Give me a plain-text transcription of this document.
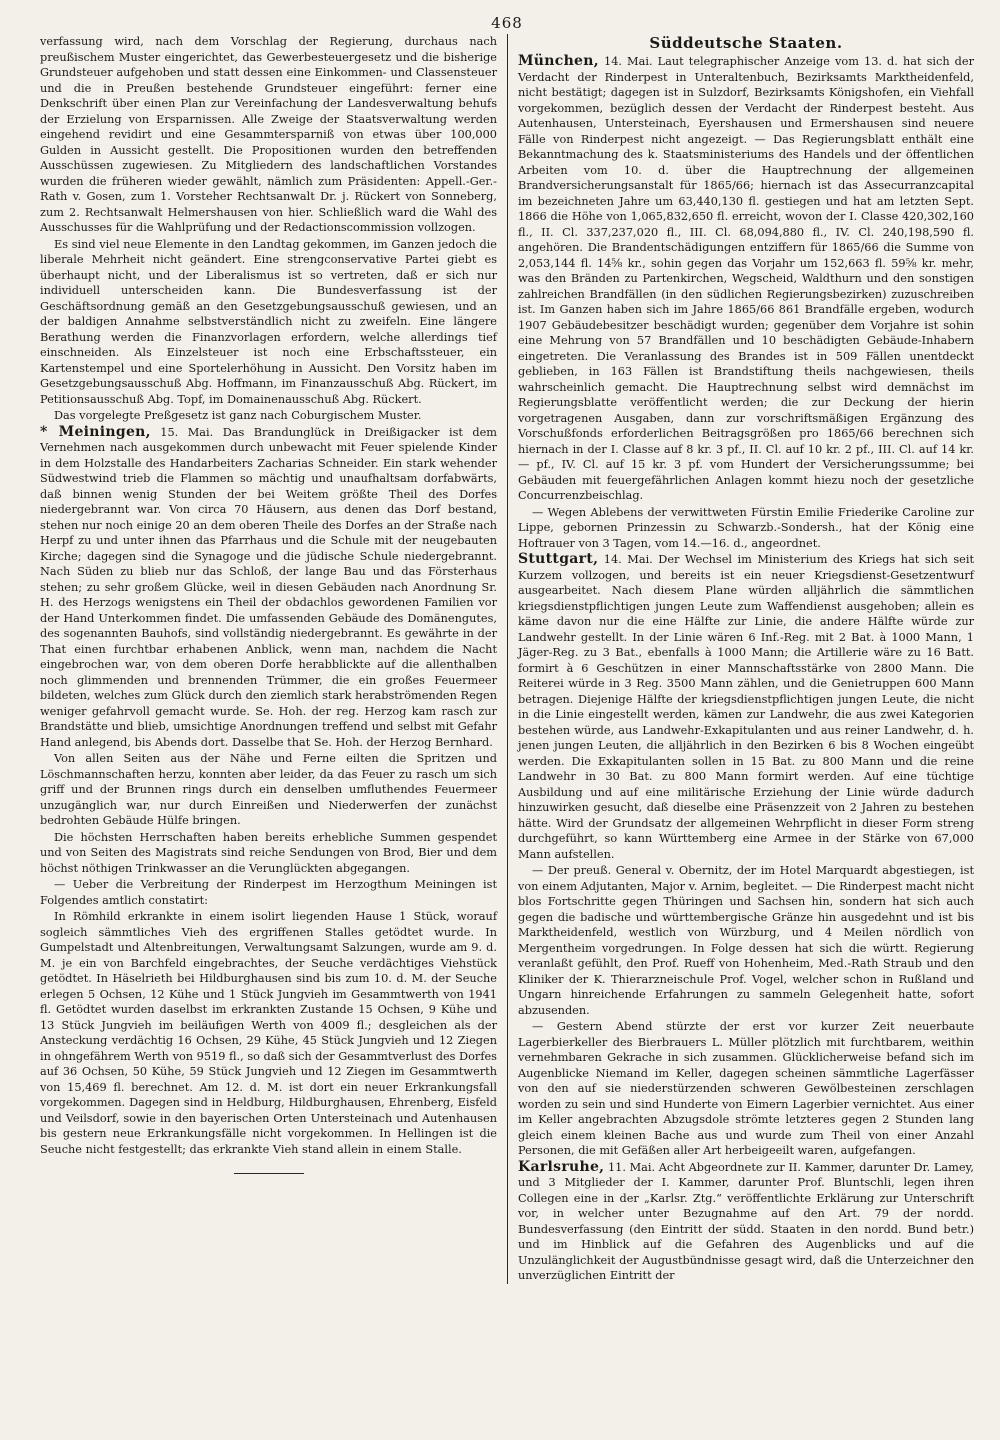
468

verfassung wird, nach dem Vorschlag der Regierung, durchaus nach preußischem Muster eingerichtet, das Gewerbesteuergesetz und die bisherige Grundsteuer aufgehoben und statt dessen eine Einkommen- und Classensteuer und die in Preußen bestehende Grundsteuer eingeführt: ferner eine Denkschrift über einen Plan zur Vereinfachung der Landesverwaltung behufs der Erzielung von Ersparnissen. Alle Zweige der Staatsverwaltung werden eingehend revidirt und eine Gesammtersparniß von etwas über 100,000 Gulden in Aussicht gestellt. Die Propositionen wurden den betreffenden Ausschüssen zugewiesen. Zu Mitgliedern des landschaftlichen Vorstandes wurden die früheren wieder gewählt, nämlich zum Präsidenten: Appell.-Ger.-Rath v. Gosen, zum 1. Vorsteher Rechtsanwalt Dr. j. Rückert von Sonneberg, zum 2. Rechtsanwalt Helmershausen von hier. Schließlich ward die Wahl des Ausschusses für die Wahlprüfung und der Redactionscommission vollzogen.

Es sind viel neue Elemente in den Landtag gekommen, im Ganzen jedoch die liberale Mehrheit nicht geändert. Eine strengconservative Partei giebt es überhaupt nicht, und der Liberalismus ist so vertreten, daß er sich nur individuell unterscheiden kann. Die Bundesverfassung ist der Geschäftsordnung gemäß an den Gesetzgebungsausschuß gewiesen, und an der baldigen Annahme selbstverständlich nicht zu zweifeln. Eine längere Berathung werden die Finanzvorlagen erfordern, welche allerdings tief einschneiden. Als Einzelsteuer ist noch eine Erbschaftssteuer, ein Kartenstempel und eine Sportelerhöhung in Aussicht. Den Vorsitz haben im Gesetzgebungsausschuß Abg. Hoffmann, im Finanzausschuß Abg. Rückert, im Petitionsausschuß Abg. Topf, im Domainenausschuß Abg. Rückert.

Das vorgelegte Preßgesetz ist ganz nach Coburgischem Muster.

* Meiningen, 15. Mai. Das Brandunglück in Dreißigacker ist dem Vernehmen nach ausgekommen durch unbewacht mit Feuer spielende Kinder in dem Holzstalle des Handarbeiters Zacharias Schneider. Ein stark wehender Südwestwind trieb die Flammen so mächtig und unaufhaltsam dorfabwärts, daß binnen wenig Stunden der bei Weitem größte Theil des Dorfes niedergebrannt war. Von circa 70 Häusern, aus denen das Dorf bestand, stehen nur noch einige 20 an dem oberen Theile des Dorfes an der Straße nach Herpf zu und unter ihnen das Pfarrhaus und die Schule mit der neugebauten Kirche; dagegen sind die Synagoge und die jüdische Schule niedergebrannt. Nach Süden zu blieb nur das Schloß, der lange Bau und das Försterhaus stehen; zu sehr großem Glücke, weil in diesen Gebäuden nach Anordnung Sr. H. des Herzogs wenigstens ein Theil der obdachlos gewordenen Familien vor der Hand Unterkommen findet. Die umfassenden Gebäude des Domänengutes, des sogenannten Bauhofs, sind vollständig niedergebrannt. Es gewährte in der That einen furchtbar erhabenen Anblick, wenn man, nachdem die Nacht eingebrochen war, von dem oberen Dorfe herabblickte auf die allenthalben noch glimmenden und brennenden Trümmer, die ein großes Feuermeer bildeten, welches zum Glück durch den ziemlich stark herabströmenden Regen weniger gefahrvoll gemacht wurde. Se. Hoh. der reg. Herzog kam rasch zur Brandstätte und blieb, umsichtige Anordnungen treffend und selbst mit Gefahr Hand anlegend, bis Abends dort. Dasselbe that Se. Hoh. der Herzog Bernhard.

Von allen Seiten aus der Nähe und Ferne eilten die Spritzen und Löschmannschaften herzu, konnten aber leider, da das Feuer zu rasch um sich griff und der Brunnen rings durch ein denselben umfluthendes Feuermeer unzugänglich war, nur durch Einreißen und Niederwerfen der zunächst bedrohten Gebäude Hülfe bringen.

Die höchsten Herrschaften haben bereits erhebliche Summen gespendet und von Seiten des Magistrats sind reiche Sendungen von Brod, Bier und dem höchst nöthigen Trinkwasser an die Verunglückten abgegangen.

— Ueber die Verbreitung der Rinderpest im Herzogthum Meiningen ist Folgendes amtlich constatirt:

In Römhild erkrankte in einem isolirt liegenden Hause 1 Stück, worauf sogleich sämmtliches Vieh des ergriffenen Stalles getödtet wurde. In Gumpelstadt und Altenbreitungen, Verwaltungsamt Salzungen, wurde am 9. d. M. je ein von Barchfeld eingebrachtes, der Seuche verdächtiges Viehstück getödtet. In Häselrieth bei Hildburghausen sind bis zum 10. d. M. der Seuche erlegen 5 Ochsen, 12 Kühe und 1 Stück Jungvieh im Gesammtwerth von 1941 fl. Getödtet wurden daselbst im erkrankten Zustande 15 Ochsen, 9 Kühe und 13 Stück Jungvieh im beiläufigen Werth von 4009 fl.; desgleichen als der Ansteckung verdächtig 16 Ochsen, 29 Kühe, 45 Stück Jungvieh und 12 Ziegen in ohngefährem Werth von 9519 fl., so daß sich der Gesammtverlust des Dorfes auf 36 Ochsen, 50 Kühe, 59 Stück Jungvieh und 12 Ziegen im Gesammtwerth von 15,469 fl. berechnet. Am 12. d. M. ist dort ein neuer Erkrankungsfall vorgekommen. Dagegen sind in Heldburg, Hildburghausen, Ehrenberg, Eisfeld und Veilsdorf, sowie in den bayerischen Orten Untersteinach und Autenhausen bis gestern neue Erkrankungsfälle nicht vorgekommen. In Hellingen ist die Seuche nicht festgestellt; das erkrankte Vieh stand allein in einem Stalle.

Süddeutsche Staaten.

München, 14. Mai. Laut telegraphischer Anzeige vom 13. d. hat sich der Verdacht der Rinderpest in Unteraltenbuch, Bezirksamts Marktheidenfeld, nicht bestätigt; dagegen ist in Sulzdorf, Bezirksamts Königshofen, ein Viehfall vorgekommen, bezüglich dessen der Verdacht der Rinderpest besteht. Aus Autenhausen, Untersteinach, Eyershausen und Ermershausen sind neuere Fälle von Rinderpest nicht angezeigt. — Das Regierungsblatt enthält eine Bekanntmachung des k. Staatsministeriums des Handels und der öffentlichen Arbeiten vom 10. d. über die Hauptrechnung der allgemeinen Brandversicherungsanstalt für 1865/66; hiernach ist das Assecurranzcapital im bezeichneten Jahre um 63,440,130 fl. gestiegen und hat am letzten Sept. 1866 die Höhe von 1,065,832,650 fl. erreicht, wovon der I. Classe 420,302,160 fl., II. Cl. 337,237,020 fl., III. Cl. 68,094,880 fl., IV. Cl. 240,198,590 fl. angehören. Die Brandentschädigungen entziffern für 1865/66 die Summe von 2,053,144 fl. 14⅝ kr., sohin gegen das Vorjahr um 152,663 fl. 59⅝ kr. mehr, was den Bränden zu Partenkirchen, Wegscheid, Waldthurn und den sonstigen zahlreichen Brandfällen (in den südlichen Regierungsbezirken) zuzuschreiben ist. Im Ganzen haben sich im Jahre 1865/66 861 Brandfälle ergeben, wodurch 1907 Gebäudebesitzer beschädigt wurden; gegenüber dem Vorjahre ist sohin eine Mehrung von 57 Brandfällen und 10 beschädigten Gebäude-Inhabern eingetreten. Die Veranlassung des Brandes ist in 509 Fällen unentdeckt geblieben, in 163 Fällen ist Brandstiftung theils nachgewiesen, theils wahrscheinlich gemacht. Die Hauptrechnung selbst wird demnächst im Regierungsblatte veröffentlicht werden; die zur Deckung der hierin vorgetragenen Ausgaben, dann zur vorschriftsmäßigen Ergänzung des Vorschußfonds erforderlichen Beitragsgrößen pro 1865/66 berechnen sich hiernach in der I. Classe auf 8 kr. 3 pf., II. Cl. auf 10 kr. 2 pf., III. Cl. auf 14 kr. — pf., IV. Cl. auf 15 kr. 3 pf. vom Hundert der Versicherungssumme; bei Gebäuden mit feuergefährlichen Anlagen kommt hiezu noch der gesetzliche Concurrenzbeischlag.

— Wegen Ablebens der verwittweten Fürstin Emilie Friederike Caroline zur Lippe, gebornen Prinzessin zu Schwarzb.-Sondersh., hat der König eine Hoftrauer von 3 Tagen, vom 14.—16. d., angeordnet.

Stuttgart, 14. Mai. Der Wechsel im Ministerium des Kriegs hat sich seit Kurzem vollzogen, und bereits ist ein neuer Kriegsdienst-Gesetzentwurf ausgearbeitet. Nach diesem Plane würden alljährlich die sämmtlichen kriegsdienstpflichtigen jungen Leute zum Waffendienst ausgehoben; allein es käme davon nur die eine Hälfte zur Linie, die andere Hälfte würde zur Landwehr gestellt. In der Linie wären 6 Inf.-Reg. mit 2 Bat. à 1000 Mann, 1 Jäger-Reg. zu 3 Bat., ebenfalls à 1000 Mann; die Artillerie wäre zu 16 Batt. formirt à 6 Geschützen in einer Mannschaftsstärke von 2800 Mann. Die Reiterei würde in 3 Reg. 3500 Mann zählen, und die Genietruppen 600 Mann betragen. Diejenige Hälfte der kriegsdienstpflichtigen jungen Leute, die nicht in die Linie eingestellt werden, kämen zur Landwehr, die aus zwei Kategorien bestehen würde, aus Landwehr-Exkapitulanten und aus reiner Landwehr, d. h. jenen jungen Leuten, die alljährlich in den Bezirken 6 bis 8 Wochen eingeübt werden. Die Exkapitulanten sollen in 15 Bat. zu 800 Mann und die reine Landwehr in 30 Bat. zu 800 Mann formirt werden. Auf eine tüchtige Ausbildung und auf eine militärische Erziehung der Linie würde dadurch hinzuwirken gesucht, daß dieselbe eine Präsenzzeit von 2 Jahren zu bestehen hätte. Wird der Grundsatz der allgemeinen Wehrpflicht in dieser Form streng durchgeführt, so kann Württemberg eine Armee in der Stärke von 67,000 Mann aufstellen.

— Der preuß. General v. Obernitz, der im Hotel Marquardt abgestiegen, ist von einem Adjutanten, Major v. Arnim, begleitet. — Die Rinderpest macht nicht blos Fortschritte gegen Thüringen und Sachsen hin, sondern hat sich auch gegen die badische und württembergische Gränze hin ausgedehnt und ist bis Marktheidenfeld, westlich von Würzburg, und 4 Meilen nördlich von Mergentheim vorgedrungen. In Folge dessen hat sich die württ. Regierung veranlaßt gefühlt, den Prof. Rueff von Hohenheim, Med.-Rath Straub und den Kliniker der K. Thierarzneischule Prof. Vogel, welcher schon in Rußland und Ungarn hinreichende Erfahrungen zu sammeln Gelegenheit hatte, sofort abzusenden.

— Gestern Abend stürzte der erst vor kurzer Zeit neuerbaute Lagerbierkeller des Bierbrauers L. Müller plötzlich mit furchtbarem, weithin vernehmbaren Gekrache in sich zusammen. Glücklicherweise befand sich im Augenblicke Niemand im Keller, dagegen scheinen sämmtliche Lagerfässer von den auf sie niederstürzenden schweren Gewölbesteinen zerschlagen worden zu sein und sind Hunderte von Eimern Lagerbier vernichtet. Aus einer im Keller angebrachten Abzugsdole strömte letzteres gegen 2 Stunden lang gleich einem kleinen Bache aus und wurde zum Theil von einer Anzahl Personen, die mit Gefäßen aller Art herbeigeeilt waren, aufgefangen.

Karlsruhe, 11. Mai. Acht Abgeordnete zur II. Kammer, darunter Dr. Lamey, und 3 Mitglieder der I. Kammer, darunter Prof. Bluntschli, legen ihren Collegen eine in der „Karlsr. Ztg.“ veröffentlichte Erklärung zur Unterschrift vor, in welcher unter Bezugnahme auf den Art. 79 der nordd. Bundesverfassung (den Eintritt der südd. Staaten in den nordd. Bund betr.) und im Hinblick auf die Gefahren des Augenblicks und auf die Unzulänglichkeit der Augustbündnisse gesagt wird, daß die Unterzeichner den unverzüglichen Eintritt der
